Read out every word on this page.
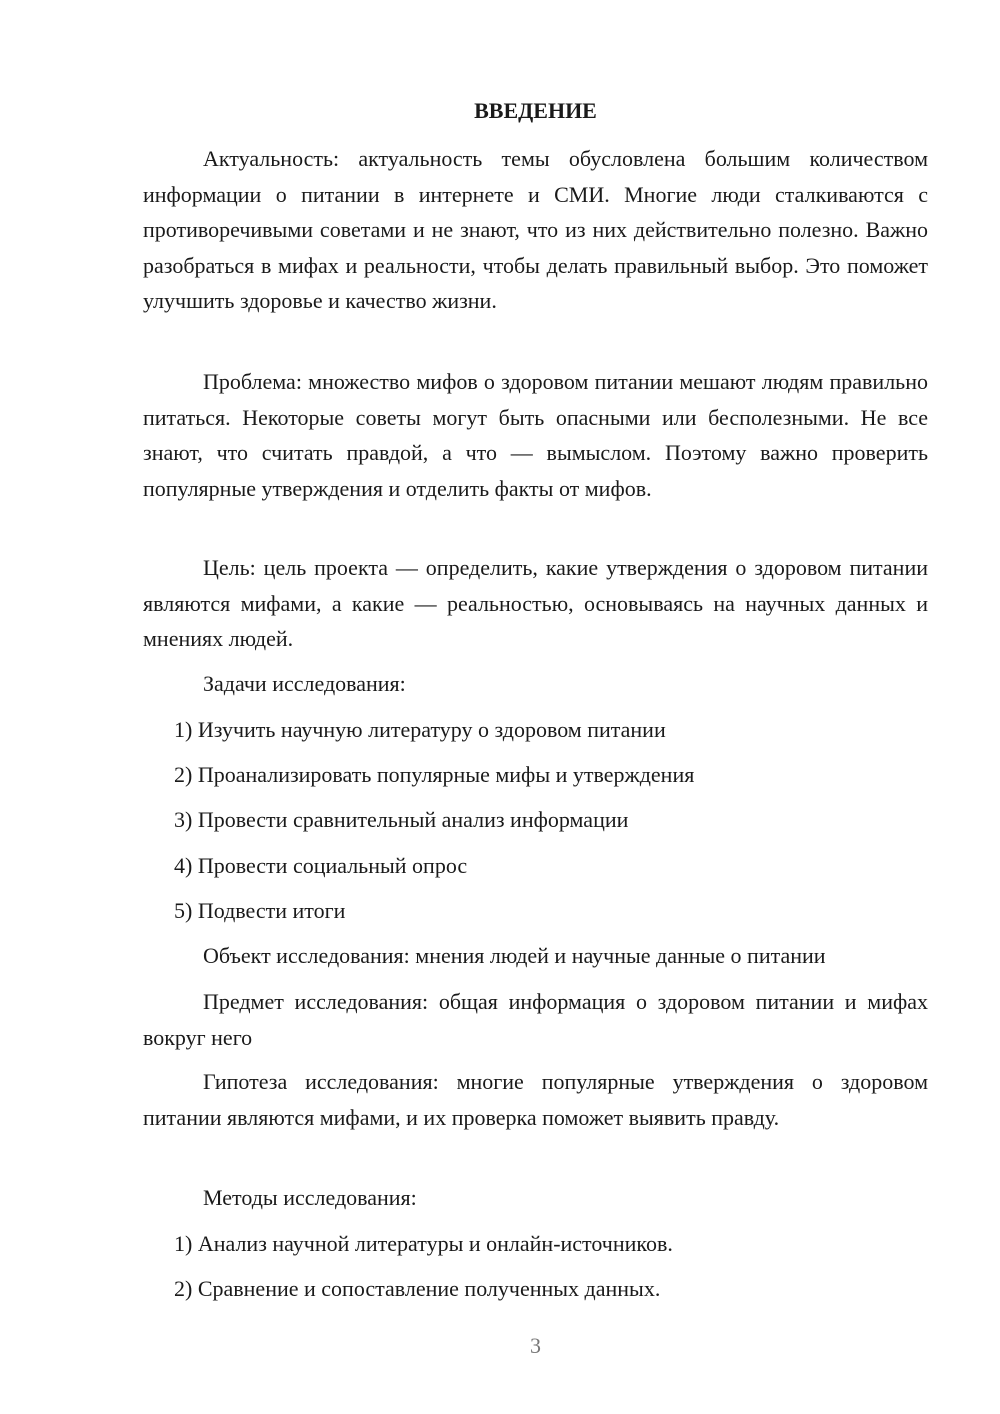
ВВЕДЕНИЕ

Актуальность: актуальность темы обусловлена большим количеством информации о питании в интернете и СМИ. Многие люди сталкиваются с противоречивыми советами и не знают, что из них действительно полезно. Важно разобраться в мифах и реальности, чтобы делать правильный выбор. Это поможет улучшить здоровье и качество жизни.

Проблема: множество мифов о здоровом питании мешают людям правильно питаться. Некоторые советы могут быть опасными или бесполезными. Не все знают, что считать правдой, а что — вымыслом. Поэтому важно проверить популярные утверждения и отделить факты от мифов.

Цель: цель проекта — определить, какие утверждения о здоровом питании являются мифами, а какие — реальностью, основываясь на научных данных и мнениях людей.

Задачи исследования:

1) Изучить научную литературу о здоровом питании

2) Проанализировать популярные мифы и утверждения

3) Провести сравнительный анализ информации

4) Провести социальный опрос

5) Подвести итоги

Объект исследования: мнения людей и научные данные о питании

Предмет исследования: общая информация о здоровом питании и мифах вокруг него

Гипотеза исследования: многие популярные утверждения о здоровом питании являются мифами, и их проверка поможет выявить правду.

Методы исследования:

1) Анализ научной литературы и онлайн-источников.

2) Сравнение и сопоставление полученных данных.

3
